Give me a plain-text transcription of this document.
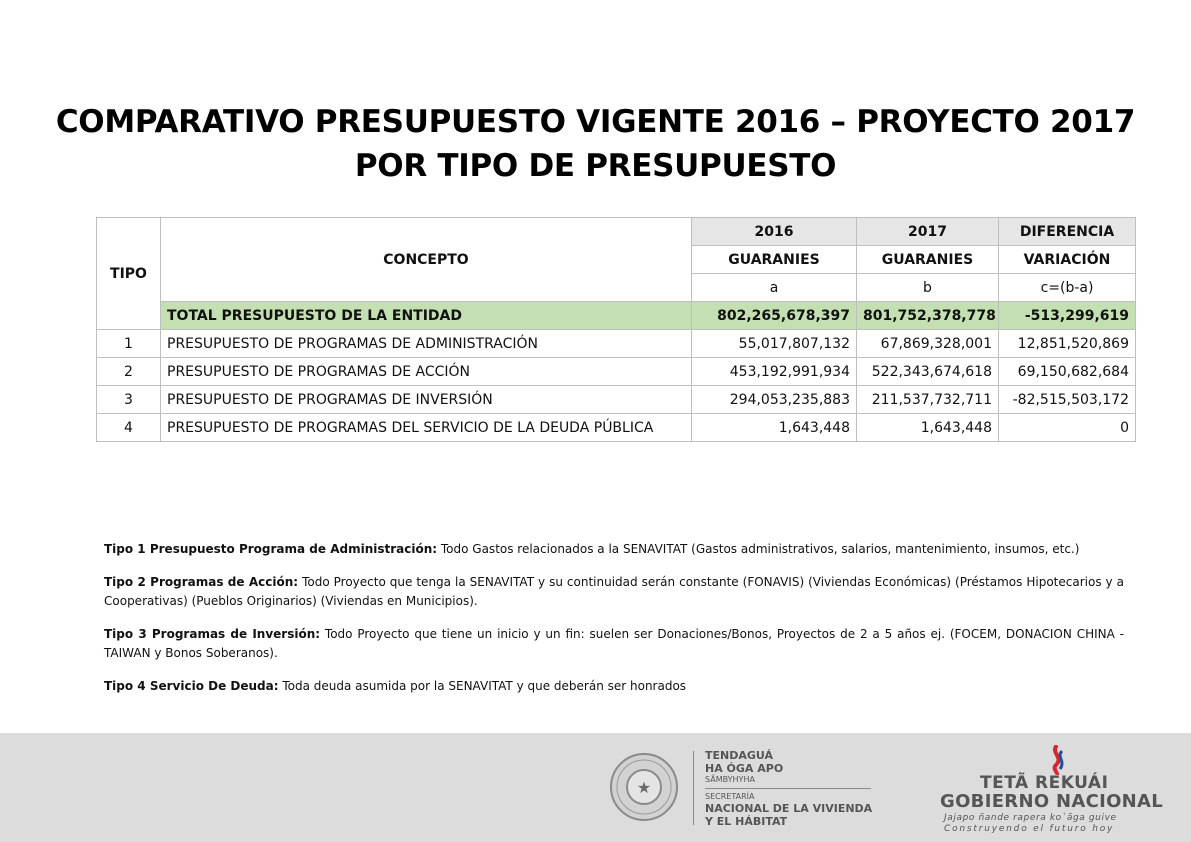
COMPARATIVO PRESUPUESTO VIGENTE 2016 – PROYECTO 2017
POR TIPO DE PRESUPUESTO
TIPO	CONCEPTO	2016	2017	DIFERENCIA
		GUARANIES	GUARANIES	VARIACIÓN
		a	b	c=(b-a)
	TOTAL PRESUPUESTO DE LA ENTIDAD	802,265,678,397	801,752,378,778	-513,299,619
1	PRESUPUESTO DE PROGRAMAS DE ADMINISTRACIÓN	55,017,807,132	67,869,328,001	12,851,520,869
2	PRESUPUESTO DE PROGRAMAS DE ACCIÓN	453,192,991,934	522,343,674,618	69,150,682,684
3	PRESUPUESTO DE PROGRAMAS DE INVERSIÓN	294,053,235,883	211,537,732,711	-82,515,503,172
4	PRESUPUESTO DE PROGRAMAS DEL SERVICIO DE LA DEUDA PÚBLICA	1,643,448	1,643,448	0

Tipo 1 Presupuesto Programa de Administración: Todo Gastos relacionados a la SENAVITAT (Gastos administrativos, salarios, mantenimiento, insumos, etc.)

Tipo 2 Programas de Acción: Todo Proyecto que tenga la SENAVITAT y su continuidad serán constante (FONAVIS) (Viviendas Económicas) (Préstamos Hipotecarios y a Cooperativas) (Pueblos Originarios) (Viviendas en Municipios).

Tipo 3 Programas de Inversión: Todo Proyecto que tiene un inicio y un fin: suelen ser Donaciones/Bonos, Proyectos de 2 a 5 años ej. (FOCEM, DONACION CHINA - TAIWAN y Bonos Soberanos).

Tipo 4 Servicio De Deuda: Toda deuda asumida por la SENAVITAT y que deberán ser honrados

★
TENDAGUÁ
HA ÓGA APO
SÃMBYHYHA
SECRETARÍA
NACIONAL DE LA VIVIENDA
Y EL HÁBITAT
TETÃ REKUÁI
GOBIERNO NACIONAL
Jajapo ñande rapera ko`ãga guive
Construyendo el futuro hoy
